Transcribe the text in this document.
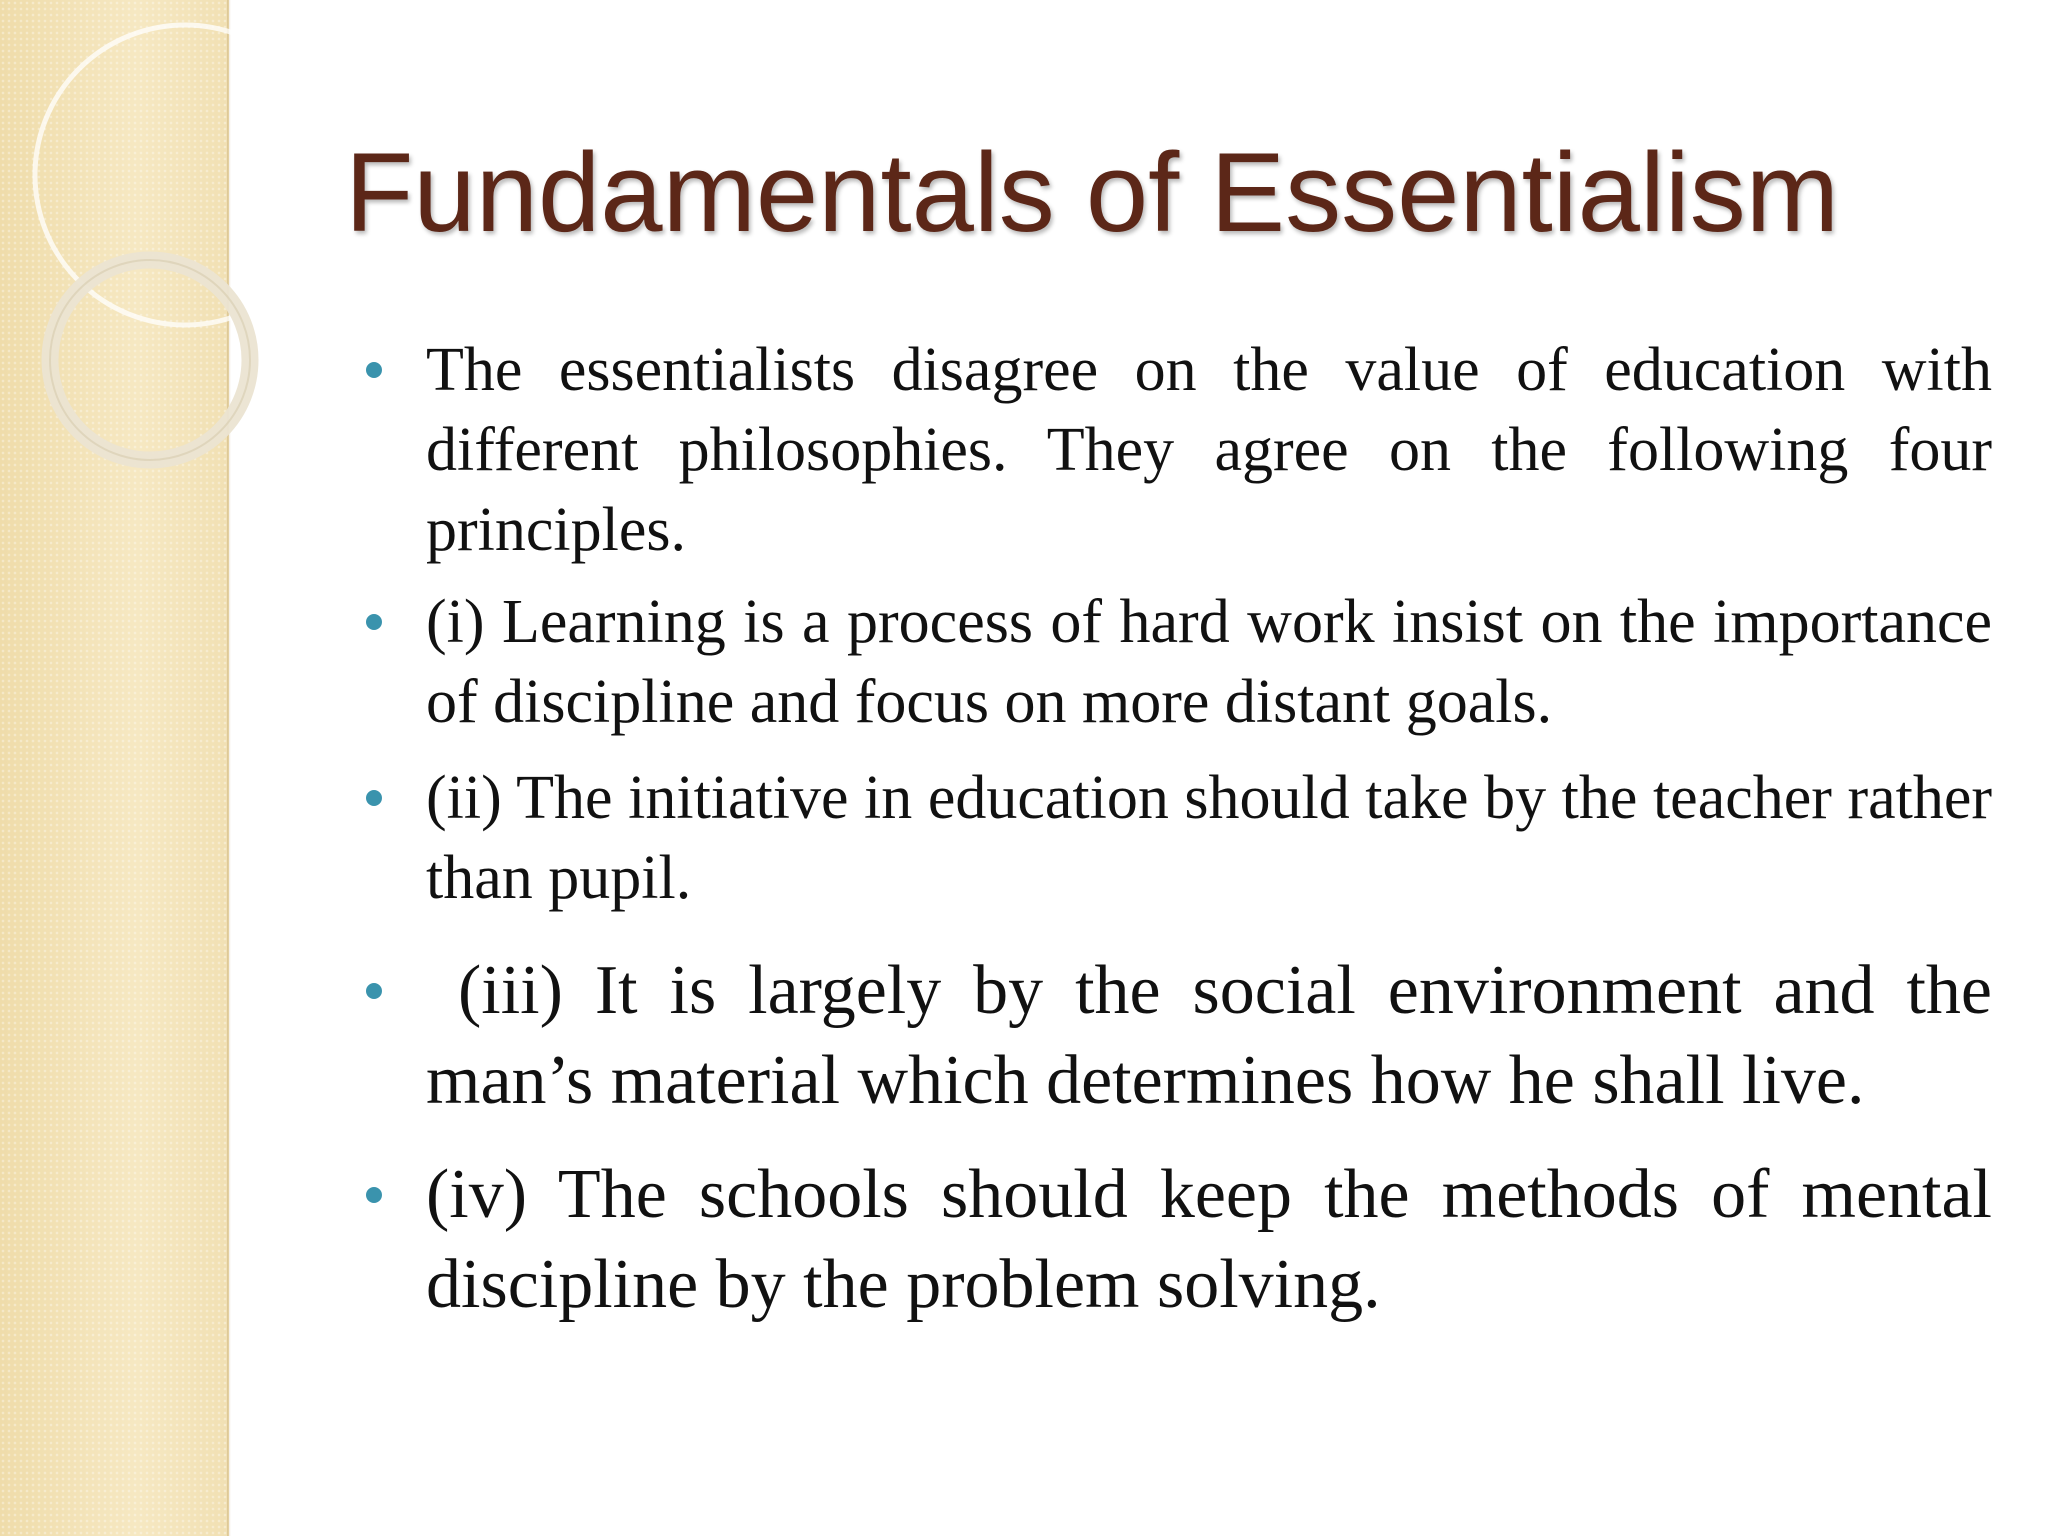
Fundamentals of Essentialism
The essentialists disagree on the value of education with different philosophies. They agree on the following four principles.
(i) Learning is a process of hard work insist on the importance of discipline and focus on more distant goals.
(ii) The initiative in education should take by the teacher rather than pupil.
(iii) It is largely by the social environment and the man’s material which determines how he shall live.
(iv) The schools should keep the methods of mental discipline by the problem solving.
